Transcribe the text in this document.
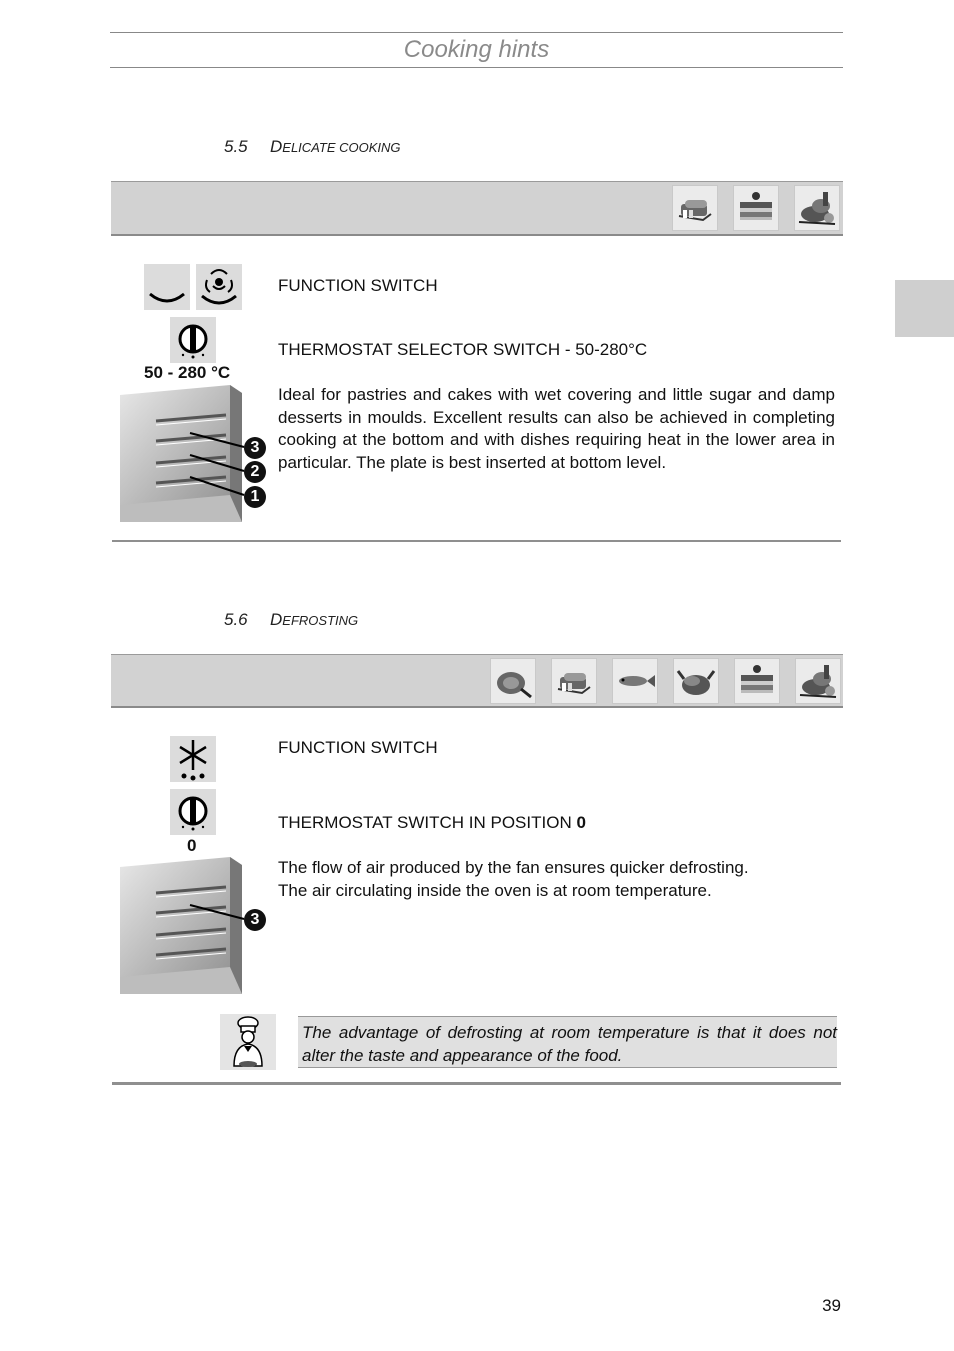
Cooking hints
5.5 DELICATE COOKING
50 - 280 °C
3
2
1
FUNCTION SWITCH
THERMOSTAT SELECTOR SWITCH - 50-280°C
Ideal for pastries and cakes with wet covering and little sugar and damp desserts in moulds. Excellent results can also be achieved in completing cooking at the bottom and with dishes requiring heat in the lower area in particular. The plate is best inserted at bottom level.
5.6 DEFROSTING
0
3
FUNCTION SWITCH
THERMOSTAT SWITCH IN POSITION 0
The flow of air produced by the fan ensures quicker defrosting.
The air circulating inside the oven is at room temperature.
The advantage of defrosting at room temperature is that it does not alter the taste and appearance of the food.
39
